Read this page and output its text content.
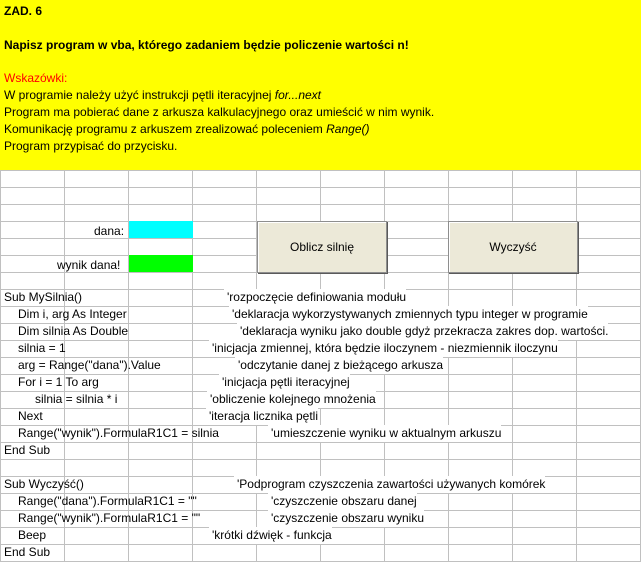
ZAD. 6
Napisz program w vba, którego zadaniem będzie policzenie wartości n!
Wskazówki:
W programie należy użyć instrukcji pętli iteracyjnej for...next
Program ma pobierać dane z arkusza kalkulacyjnego oraz umieścić w nim wynik.
Komunikację programu z arkuszem zrealizować poleceniem Range()
Program przypisać do przycisku.
dana:
wynik dana!
Oblicz silnię	Wyczyść
Sub MySilnia()	'rozpoczęcie definiowania modułu
Dim i, arg As Integer	'deklaracja wykorzystywanych zmiennych typu integer w programie
Dim silnia As Double	'deklaracja wyniku jako double gdyż przekracza zakres dop. wartości.
silnia = 1	'inicjacja zmiennej, która będzie iloczynem - niezmiennik iloczynu
arg = Range("dana").Value	'odczytanie danej z bieżącego arkusza
For i = 1 To arg	'inicjacja pętli iteracyjnej
silnia = silnia * i	'obliczenie kolejnego mnożenia
Next	'iteracja licznika pętli
Range("wynik").FormulaR1C1 = silnia	'umieszczenie wyniku w aktualnym arkuszu
End Sub
Sub Wyczyść()	'Podprogram czyszczenia zawartości używanych komórek
Range("dana").FormulaR1C1 = ""	'czyszczenie obszaru danej
Range("wynik").FormulaR1C1 = ""	'czyszczenie obszaru wyniku
Beep	'krótki dźwięk - funkcja
End Sub
